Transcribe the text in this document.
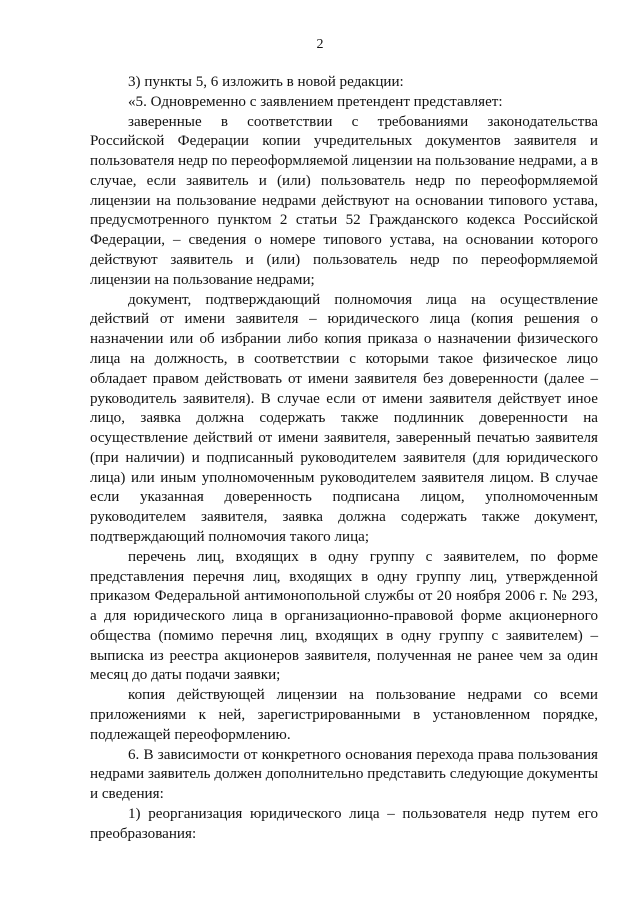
2

3) пункты 5, 6 изложить в новой редакции:

«5. Одновременно с заявлением претендент представляет:

заверенные в соответствии с требованиями законодательства Российской Федерации копии учредительных документов заявителя и пользователя недр по переоформляемой лицензии на пользование недрами, а в случае, если заявитель и (или) пользователь недр по переоформляемой лицензии на пользование недрами действуют на основании типового устава, предусмотренного пунктом 2 статьи 52 Гражданского кодекса Российской Федерации, – сведения о номере типового устава, на основании которого действуют заявитель и (или) пользователь недр по переоформляемой лицензии на пользование недрами;

документ, подтверждающий полномочия лица на осуществление действий от имени заявителя – юридического лица (копия решения о назначении или об избрании либо копия приказа о назначении физического лица на должность, в соответствии с которыми такое физическое лицо обладает правом действовать от имени заявителя без доверенности (далее – руководитель заявителя). В случае если от имени заявителя действует иное лицо, заявка должна содержать также подлинник доверенности на осуществление действий от имени заявителя, заверенный печатью заявителя (при наличии) и подписанный руководителем заявителя (для юридического лица) или иным уполномоченным руководителем заявителя лицом. В случае если указанная доверенность подписана лицом, уполномоченным руководителем заявителя, заявка должна содержать также документ, подтверждающий полномочия такого лица;

перечень лиц, входящих в одну группу с заявителем, по форме представления перечня лиц, входящих в одну группу лиц, утвержденной приказом Федеральной антимонопольной службы от 20 ноября 2006 г. № 293, а для юридического лица в организационно-правовой форме акционерного общества (помимо перечня лиц, входящих в одну группу с заявителем) – выписка из реестра акционеров заявителя, полученная не ранее чем за один месяц до даты подачи заявки;

копия действующей лицензии на пользование недрами со всеми приложениями к ней, зарегистрированными в установленном порядке, подлежащей переоформлению.

6. В зависимости от конкретного основания перехода права пользования недрами заявитель должен дополнительно представить следующие документы и сведения:

1) реорганизация юридического лица – пользователя недр путем его преобразования:
